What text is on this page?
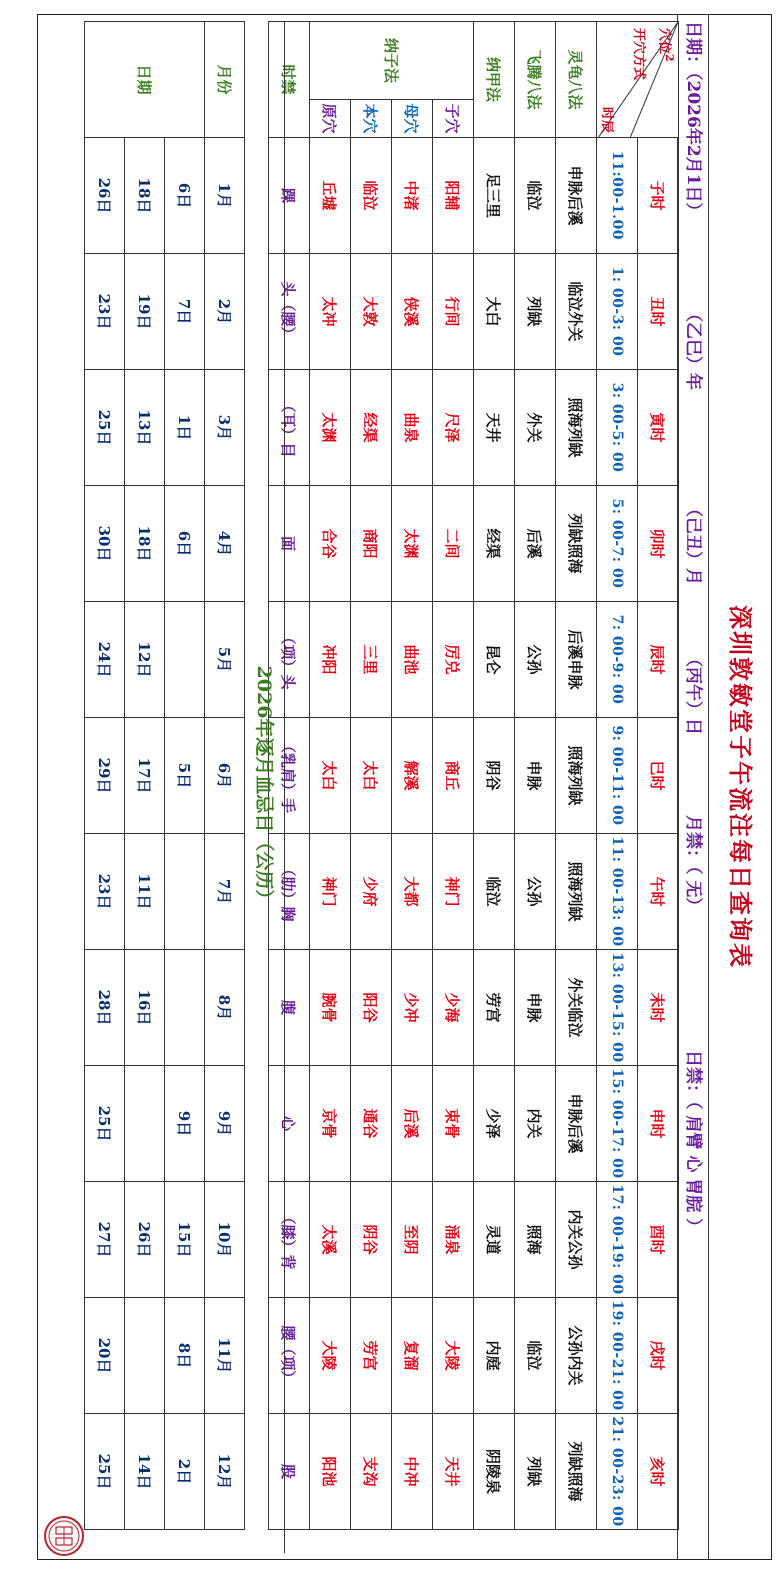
深圳敦敏堂子午流注每日查询表
日期：（2026年2月1日）
（乙巳）年
（己丑）月
（丙午）日
月禁：（ 无）
日禁：（ 肩臂 心 胃脘 ）
穴位$^2$
开穴方式
时辰		子时	丑时	寅时	卯时	辰时	巳时	午时	未时	申时	酉时	戌时	亥时
		11:00-1.00	1: 00-3: 00	3: 00-5: 00	5: 00-7: 00	7: 00-9: 00	9: 00-11: 00	11: 00-13: 00	13: 00-15: 00	15: 00-17: 00	17: 00-19: 00	19: 00-21: 00	21: 00-23: 00
灵龟八法		申脉后溪	临泣外关	照海列缺	列缺照海	后溪申脉	照海列缺	照海列缺	外关临泣	申脉后溪	内关公孙	公孙内关	列缺照海
飞腾八法		临泣	列缺	外关	后溪	公孙	申脉	公孙	申脉	内关	照海	临泣	列缺
纳甲法		足三里	大白	天井	经渠	昆仑	阴谷	临泣	劳宫	少泽	灵道	内庭	阴陵泉
纳子法	子穴	阳辅	行间	尺泽	二间	厉兑	商丘	神门	少海	束骨	涌泉	大陵	天井
	母穴	中渚	侠溪	曲泉	太渊	曲池	解溪	大都	少冲	后溪	至阴	复溜	中冲
	本穴	临泣	大敦	经渠	商阳	三里	太白	少府	阳谷	通谷	阴谷	劳宫	支沟
	原穴	丘墟	太冲	太渊	合谷	冲阳	太白	神门	腕骨	京骨	太溪	大陵	阳池
时禁		踝	头（腰）	（耳）目	面	（项）头	（乳肩）手	（肋）胸	腹	心	（膝）背	腰（项）	股
2026年逐月血忌日（公历）
月份	1月	2月	3月	4月	5月	6月	7月	8月	9月	10月	11月	12月
日期	6日	7日	1日	6日		5日			9日	15日	8日	2日
	18日	19日	13日	18日	12日	17日	11日	16日		26日		14日
	26日	23日	25日	30日	24日	29日	23日	28日	25日	27日	20日	25日
